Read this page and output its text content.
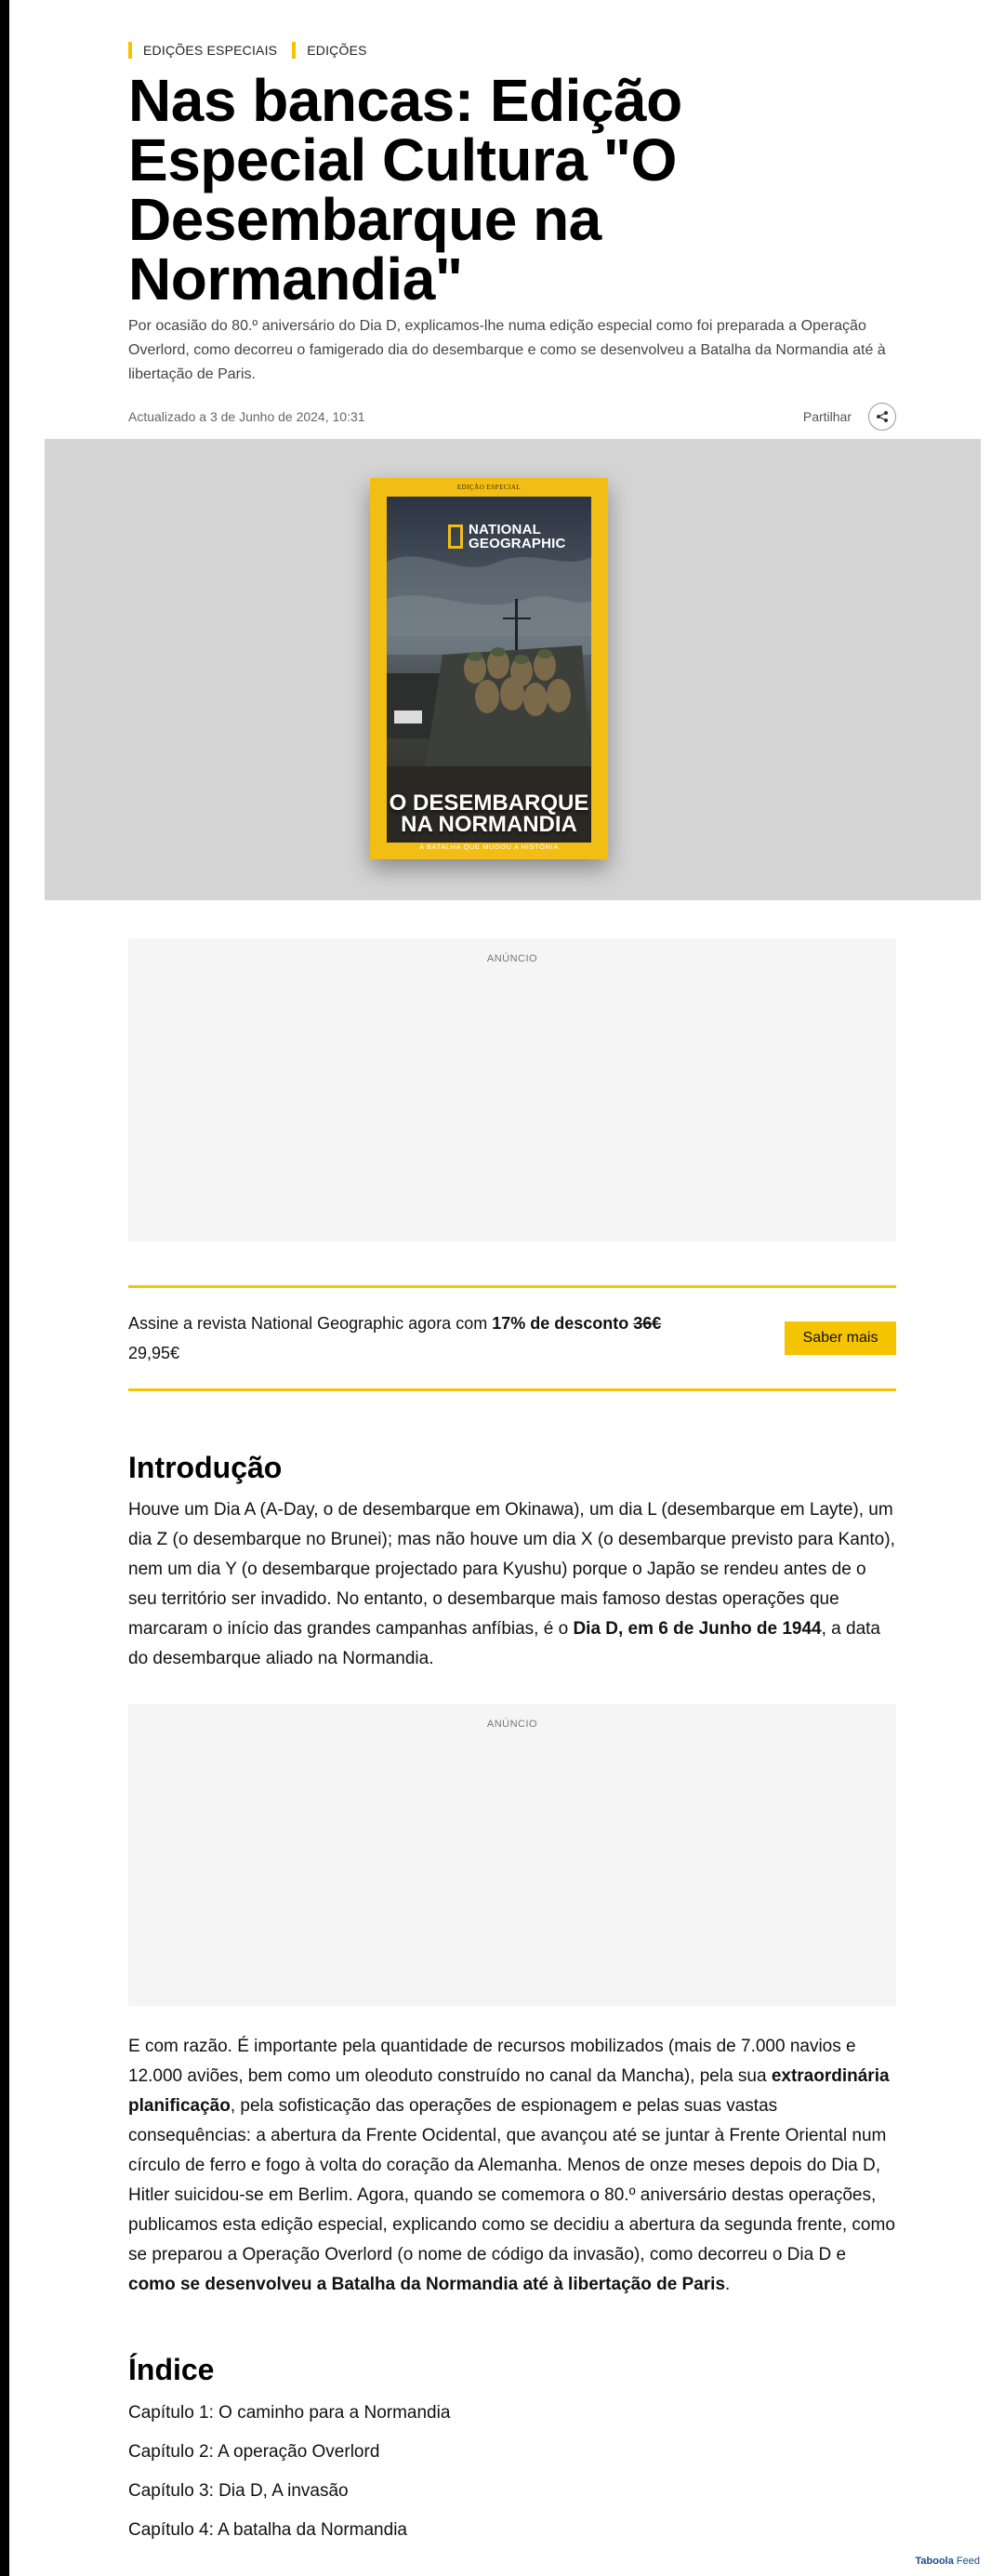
EDIÇÕES ESPECIAIS EDIÇÕES
Nas bancas: Edição Especial Cultura "O Desembarque na Normandia"

Por ocasião do 80.º aniversário do Dia D, explicamos-lhe numa edição especial como foi preparada a Operação Overlord, como decorreu o famigerado dia do desembarque e como se desenvolveu a Batalha da Normandia até à libertação de Paris.

Actualizado a 3 de Junho de 2024, 10:31	Partilhar
EDIÇÃO ESPECIAL
NATIONAL
GEOGRAPHIC
O DESEMBARQUE
NA NORMANDIA
A BATALHA QUE MUDOU A HISTÓRIA
ANÚNCIO
Assine a revista National Geographic agora com 17% de desconto 36€
29,95€
Saber mais
Introdução

Houve um Dia A (A-Day, o de desembarque em Okinawa), um dia L (desembarque em Layte), um dia Z (o desembarque no Brunei); mas não houve um dia X (o desembarque previsto para Kanto), nem um dia Y (o desembarque projectado para Kyushu) porque o Japão se rendeu antes de o seu território ser invadido. No entanto, o desembarque mais famoso destas operações que marcaram o início das grandes campanhas anfíbias, é o Dia D, em 6 de Junho de 1944, a data do desembarque aliado na Normandia.

ANÚNCIO

E com razão. É importante pela quantidade de recursos mobilizados (mais de 7.000 navios e 12.000 aviões, bem como um oleoduto construído no canal da Mancha), pela sua extraordinária planificação, pela sofisticação das operações de espionagem e pelas suas vastas consequências: a abertura da Frente Ocidental, que avançou até se juntar à Frente Oriental num círculo de ferro e fogo à volta do coração da Alemanha. Menos de onze meses depois do Dia D, Hitler suicidou-se em Berlim. Agora, quando se comemora o 80.º aniversário destas operações, publicamos esta edição especial, explicando como se decidiu a abertura da segunda frente, como se preparou a Operação Overlord (o nome de código da invasão), como decorreu o Dia D e como se desenvolveu a Batalha da Normandia até à libertação de Paris.

Índice
Capítulo 1: O caminho para a Normandia
Capítulo 2: A operação Overlord
Capítulo 3: Dia D, A invasão
Capítulo 4: A batalha da Normandia
Taboola Feed
